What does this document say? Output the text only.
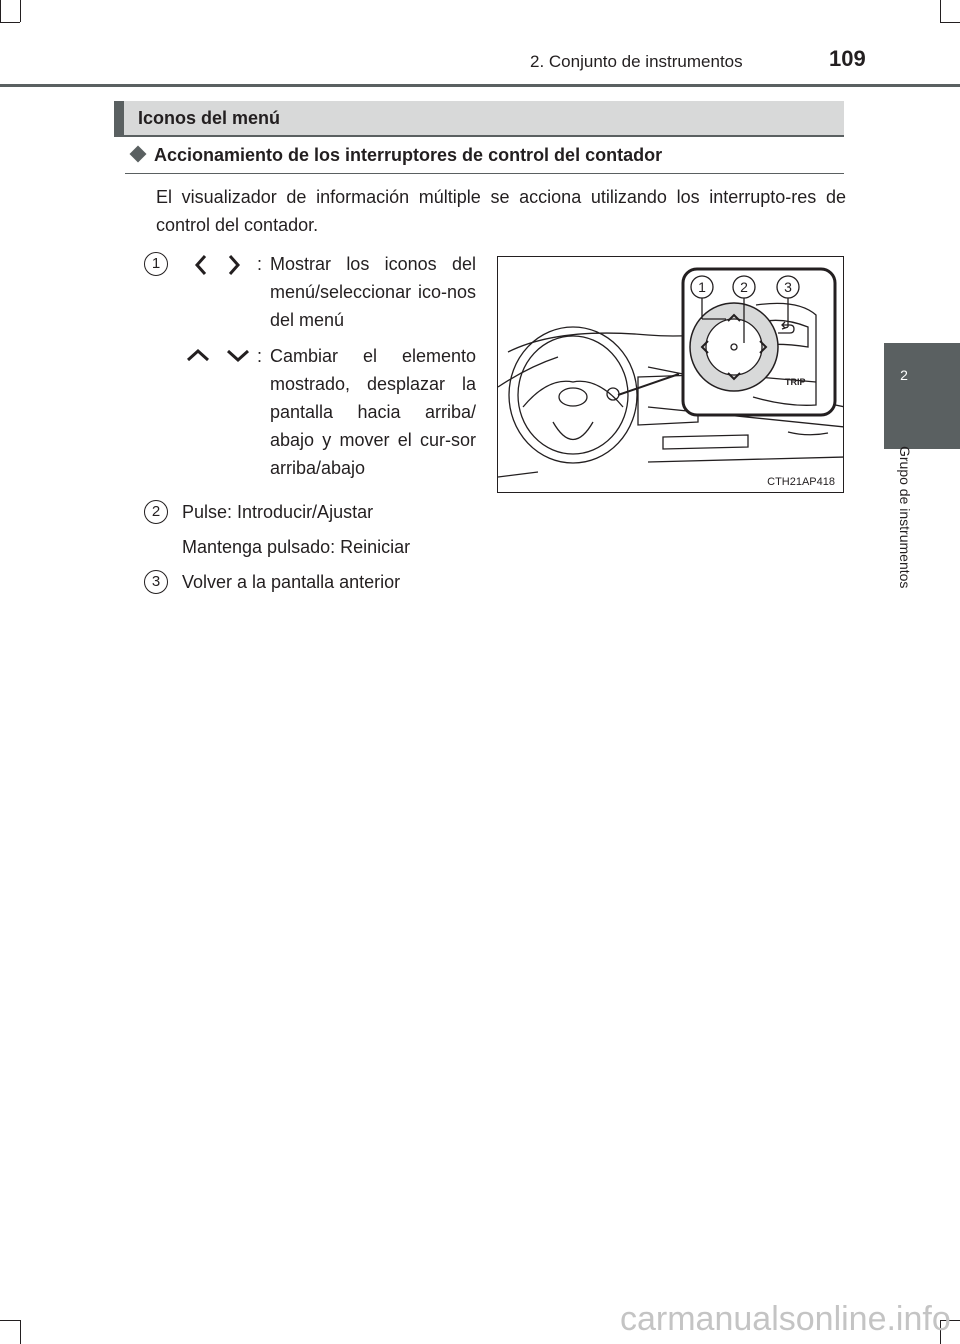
2. Conjunto de instrumentos	109
2
Grupo de instrumentos
Iconos del menú
Accionamiento de los interruptores de control del contador
El visualizador de información múltiple se acciona utilizando los interrupto-res de control del contador.
1	: Mostrar los iconos del menú/seleccionar ico-nos del menú
: Cambiar el elemento mostrado, desplazar la pantalla hacia arriba/ abajo y mover el cur-sor arriba/abajo
2	Pulse: Introducir/Ajustar
Mantenga pulsado: Reiniciar
3	Volver a la pantalla anterior
TRIP
1 2	3
CTH21AP418
carmanualsonline.info
